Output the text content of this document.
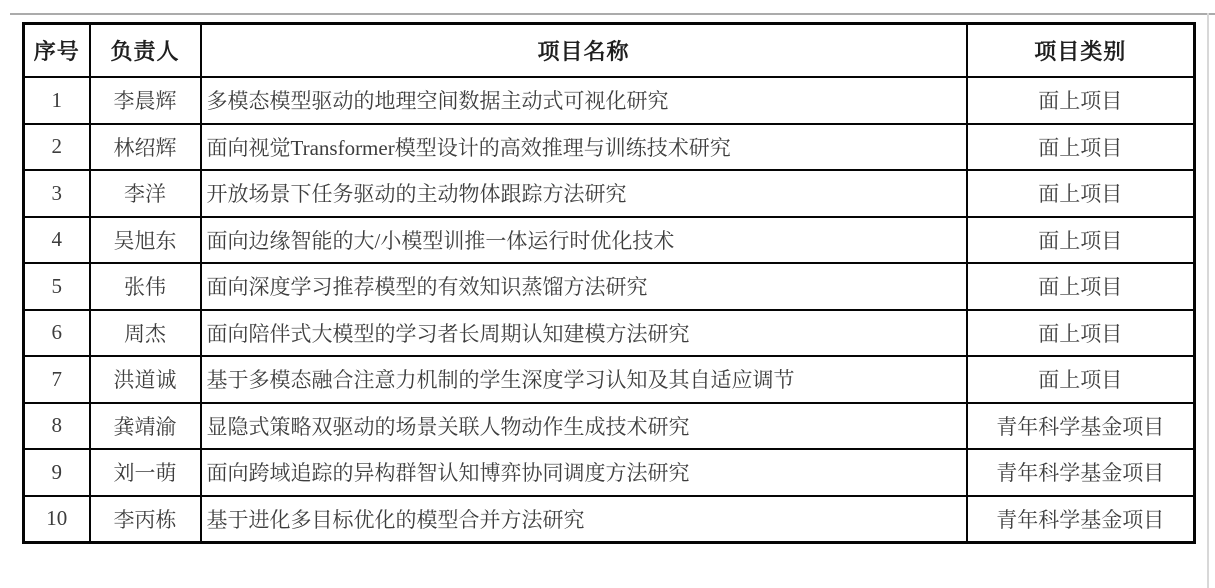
序号	负责人	项目名称	项目类别
1	李晨辉	多模态模型驱动的地理空间数据主动式可视化研究	面上项目
2	林绍辉	面向视觉Transformer模型设计的高效推理与训练技术研究	面上项目
3	李洋	开放场景下任务驱动的主动物体跟踪方法研究	面上项目
4	吴旭东	面向边缘智能的大/小模型训推一体运行时优化技术	面上项目
5	张伟	面向深度学习推荐模型的有效知识蒸馏方法研究	面上项目
6	周杰	面向陪伴式大模型的学习者长周期认知建模方法研究	面上项目
7	洪道诚	基于多模态融合注意力机制的学生深度学习认知及其自适应调节	面上项目
8	龚靖渝	显隐式策略双驱动的场景关联人物动作生成技术研究	青年科学基金项目
9	刘一萌	面向跨域追踪的异构群智认知博弈协同调度方法研究	青年科学基金项目
10	李丙栋	基于进化多目标优化的模型合并方法研究	青年科学基金项目
